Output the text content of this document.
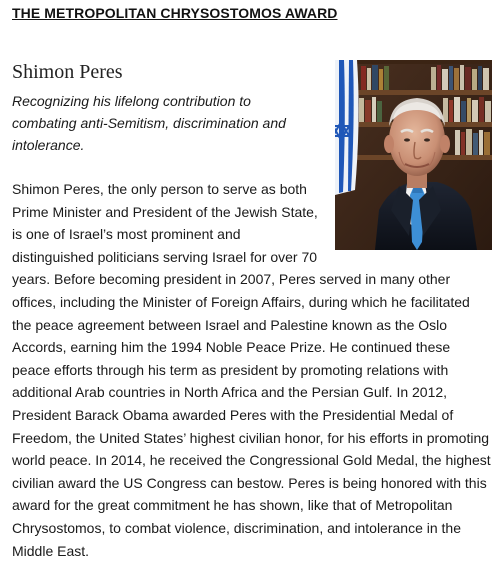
THE METROPOLITAN CHRYSOSTOMOS AWARD
Shimon Peres

Recognizing his lifelong contribution to combating anti-Semitism, discrimination and intolerance.

Shimon Peres, the only person to serve as both Prime Minister and President of the Jewish State, is one of Israel’s most prominent and distinguished politicians serving Israel for over 70 years. Before becoming president in 2007, Peres served in many other offices, including the Minister of Foreign Affairs, during which he facilitated the peace agreement between Israel and Palestine known as the Oslo Accords, earning him the 1994 Noble Peace Prize. He continued these peace efforts through his term as president by promoting relations with additional Arab countries in North Africa and the Persian Gulf. In 2012, President Barack Obama awarded Peres with the Presidential Medal of Freedom, the United States’ highest civilian honor, for his efforts in promoting world peace. In 2014, he received the Congressional Gold Medal, the highest civilian award the US Congress can bestow. Peres is being honored with this award for the great commitment he has shown, like that of Metropolitan Chrysostomos, to combat violence, discrimination, and intolerance in the Middle East.
